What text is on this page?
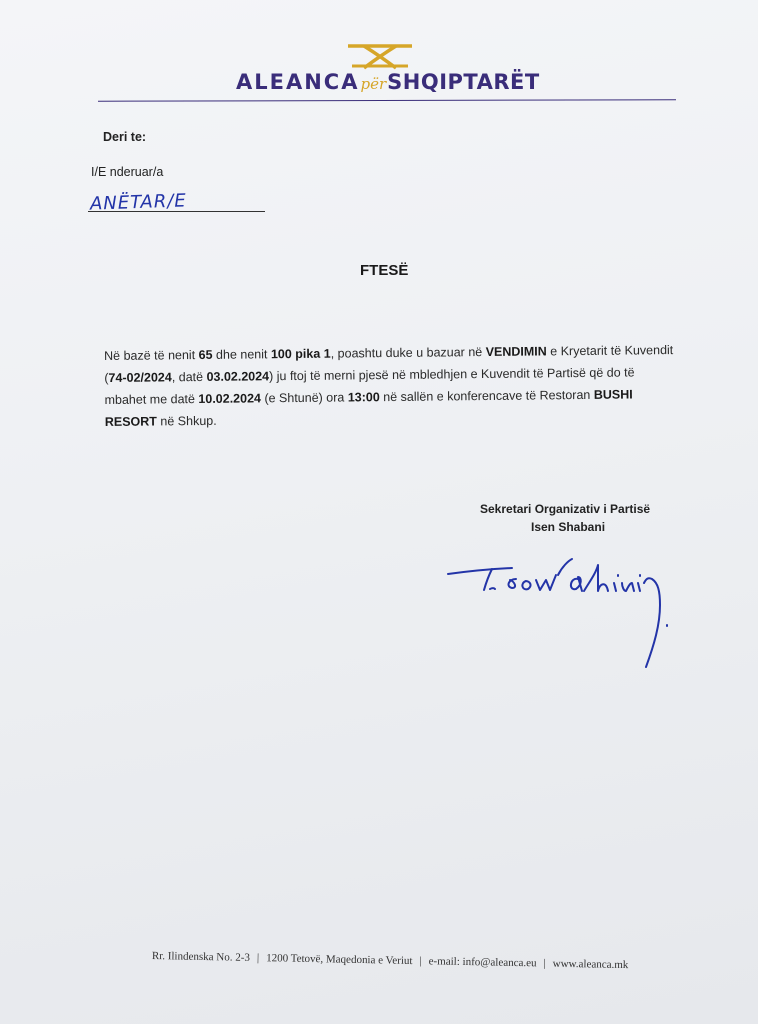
ALEANCApërSHQIPTARËT
Deri te:
I/E nderuar/a
ANËTAR/E
FTESË
Në bazë të nenit 65 dhe nenit 100 pika 1, poashtu duke u bazuar në VENDIMIN e Kryetarit të Kuvendit (74-02/2024, datë 03.02.2024) ju ftoj të merni pjesë në mbledhjen e Kuvendit të Partisë që do të mbahet me datë 10.02.2024 (e Shtunë) ora 13:00 në sallën e konferencave të Restoran BUSHI RESORT në Shkup.
Sekretari Organizativ i Partisë
Isen Shabani
Rr. Ilindenska No. 2-3 | 1200 Tetovë, Maqedonia e Veriut | e-mail: info@aleanca.eu | www.aleanca.mk
